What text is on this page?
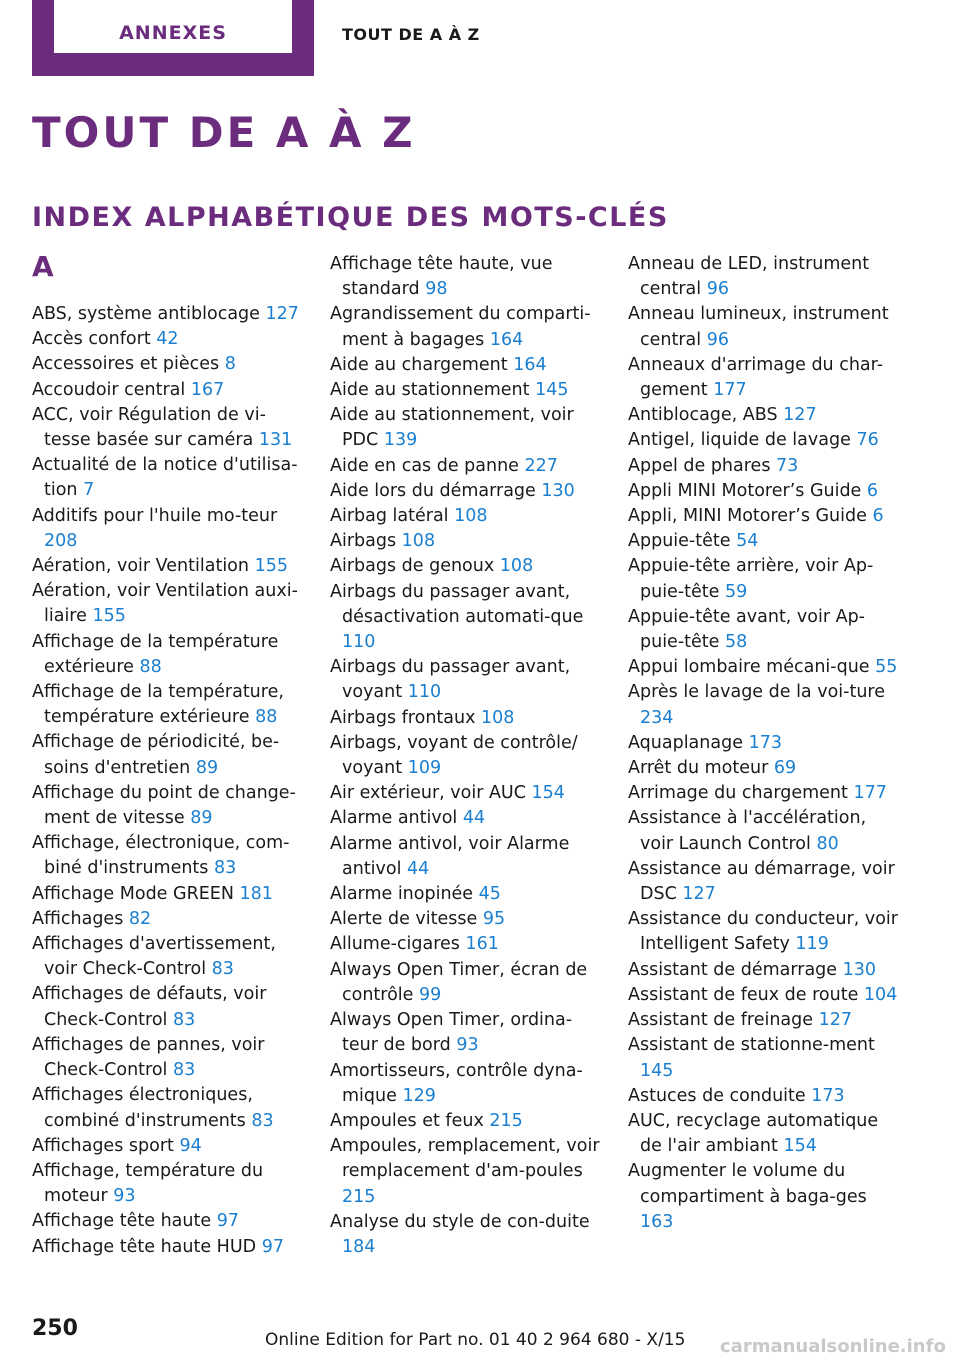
ANNEXES	TOUT DE A À Z
TOUT DE A À Z
INDEX ALPHABÉTIQUE DES MOTS-CLÉS
A
ABS, système antiblocage 127
Accès confort 42
Accessoires et pièces 8
Accoudoir central 167
ACC, voir Régulation de vi-tesse basée sur caméra 131
Actualité de la notice d'utilisa-tion 7
Additifs pour l'huile mo-teur 208
Aération, voir Ventilation 155
Aération, voir Ventilation auxi-liaire 155
Affichage de la température extérieure 88
Affichage de la température, température extérieure 88
Affichage de périodicité, be-soins d'entretien 89
Affichage du point de change-ment de vitesse 89
Affichage, électronique, com-biné d'instruments 83
Affichage Mode GREEN 181
Affichages 82
Affichages d'avertissement, voir Check-Control 83
Affichages de défauts, voir Check-Control 83
Affichages de pannes, voir Check-Control 83
Affichages électroniques, combiné d'instruments 83
Affichages sport 94
Affichage, température du moteur 93
Affichage tête haute 97
Affichage tête haute HUD 97
Affichage tête haute, vue standard 98
Agrandissement du comparti-ment à bagages 164
Aide au chargement 164
Aide au stationnement 145
Aide au stationnement, voir PDC 139
Aide en cas de panne 227
Aide lors du démarrage 130
Airbag latéral 108
Airbags 108
Airbags de genoux 108
Airbags du passager avant, désactivation automati-que 110
Airbags du passager avant, voyant 110
Airbags frontaux 108
Airbags, voyant de contrôle/ voyant 109
Air extérieur, voir AUC 154
Alarme antivol 44
Alarme antivol, voir Alarme antivol 44
Alarme inopinée 45
Alerte de vitesse 95
Allume-cigares 161
Always Open Timer, écran de contrôle 99
Always Open Timer, ordina-teur de bord 93
Amortisseurs, contrôle dyna-mique 129
Ampoules et feux 215
Ampoules, remplacement, voir remplacement d'am-poules 215
Analyse du style de con-duite 184
Anneau de LED, instrument central 96
Anneau lumineux, instrument central 96
Anneaux d'arrimage du char-gement 177
Antiblocage, ABS 127
Antigel, liquide de lavage 76
Appel de phares 73
Appli MINI Motorer’s Guide 6
Appli, MINI Motorer’s Guide 6
Appuie-tête 54
Appuie-tête arrière, voir Ap-puie-tête 59
Appuie-tête avant, voir Ap-puie-tête 58
Appui lombaire mécani-que 55
Après le lavage de la voi-ture 234
Aquaplanage 173
Arrêt du moteur 69
Arrimage du chargement 177
Assistance à l'accélération, voir Launch Control 80
Assistance au démarrage, voir DSC 127
Assistance du conducteur, voir Intelligent Safety 119
Assistant de démarrage 130
Assistant de feux de route 104
Assistant de freinage 127
Assistant de stationne-ment 145
Astuces de conduite 173
AUC, recyclage automatique de l'air ambiant 154
Augmenter le volume du compartiment à baga-ges 163
250	Online Edition for Part no. 01 40 2 964 680 - X/15 carmanualsonline.info
